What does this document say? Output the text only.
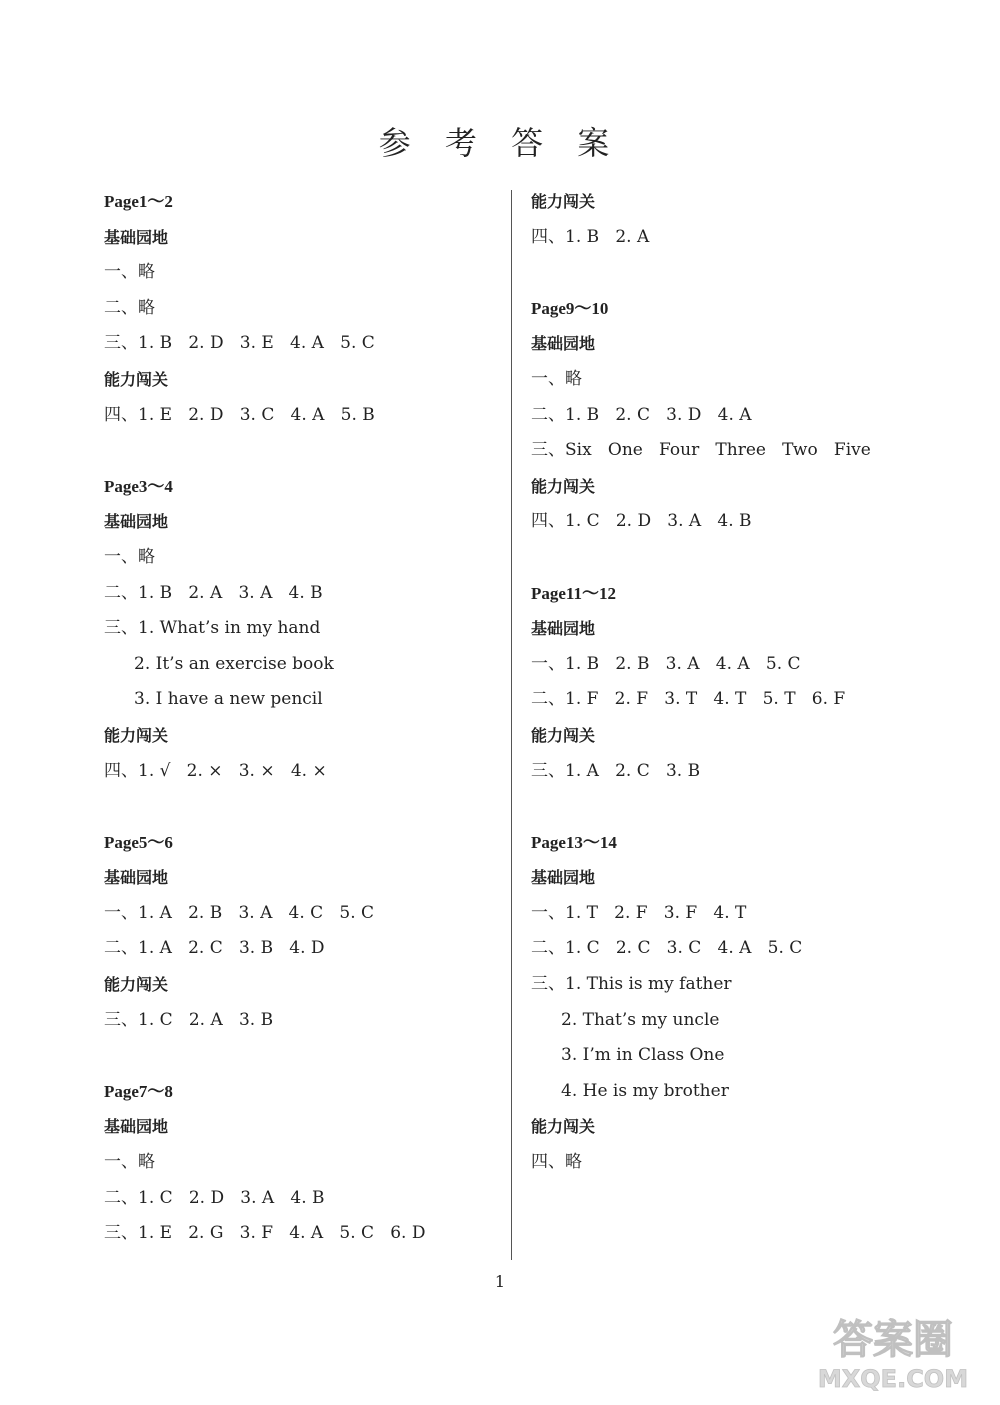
参 考 答 案
Page1～2
基础园地
一、略
二、略
三、1. B   2. D   3. E   4. A   5. C
能力闯关
四、1. E   2. D   3. C   4. A   5. B
Page3～4
基础园地
一、略
二、1. B   2. A   3. A   4. B
三、1. What’s in my hand
2. It’s an exercise book
3. I have a new pencil
能力闯关
四、1. √   2. ×   3. ×   4. ×
Page5～6
基础园地
一、1. A   2. B   3. A   4. C   5. C
二、1. A   2. C   3. B   4. D
能力闯关
三、1. C   2. A   3. B
Page7～8
基础园地
一、略
二、1. C   2. D   3. A   4. B
三、1. E   2. G   3. F   4. A   5. C   6. D
能力闯关
四、1. B   2. A
Page9～10
基础园地
一、略
二、1. B   2. C   3. D   4. A
三、Six   One   Four   Three   Two   Five
能力闯关
四、1. C   2. D   3. A   4. B
Page11～12
基础园地
一、1. B   2. B   3. A   4. A   5. C
二、1. F   2. F   3. T   4. T   5. T   6. F
能力闯关
三、1. A   2. C   3. B
Page13～14
基础园地
一、1. T   2. F   3. F   4. T
二、1. C   2. C   3. C   4. A   5. C
三、1. This is my father
2. That’s my uncle
3. I’m in Class One
4. He is my brother
能力闯关
四、略
1
答案圈
MXQE.COM
